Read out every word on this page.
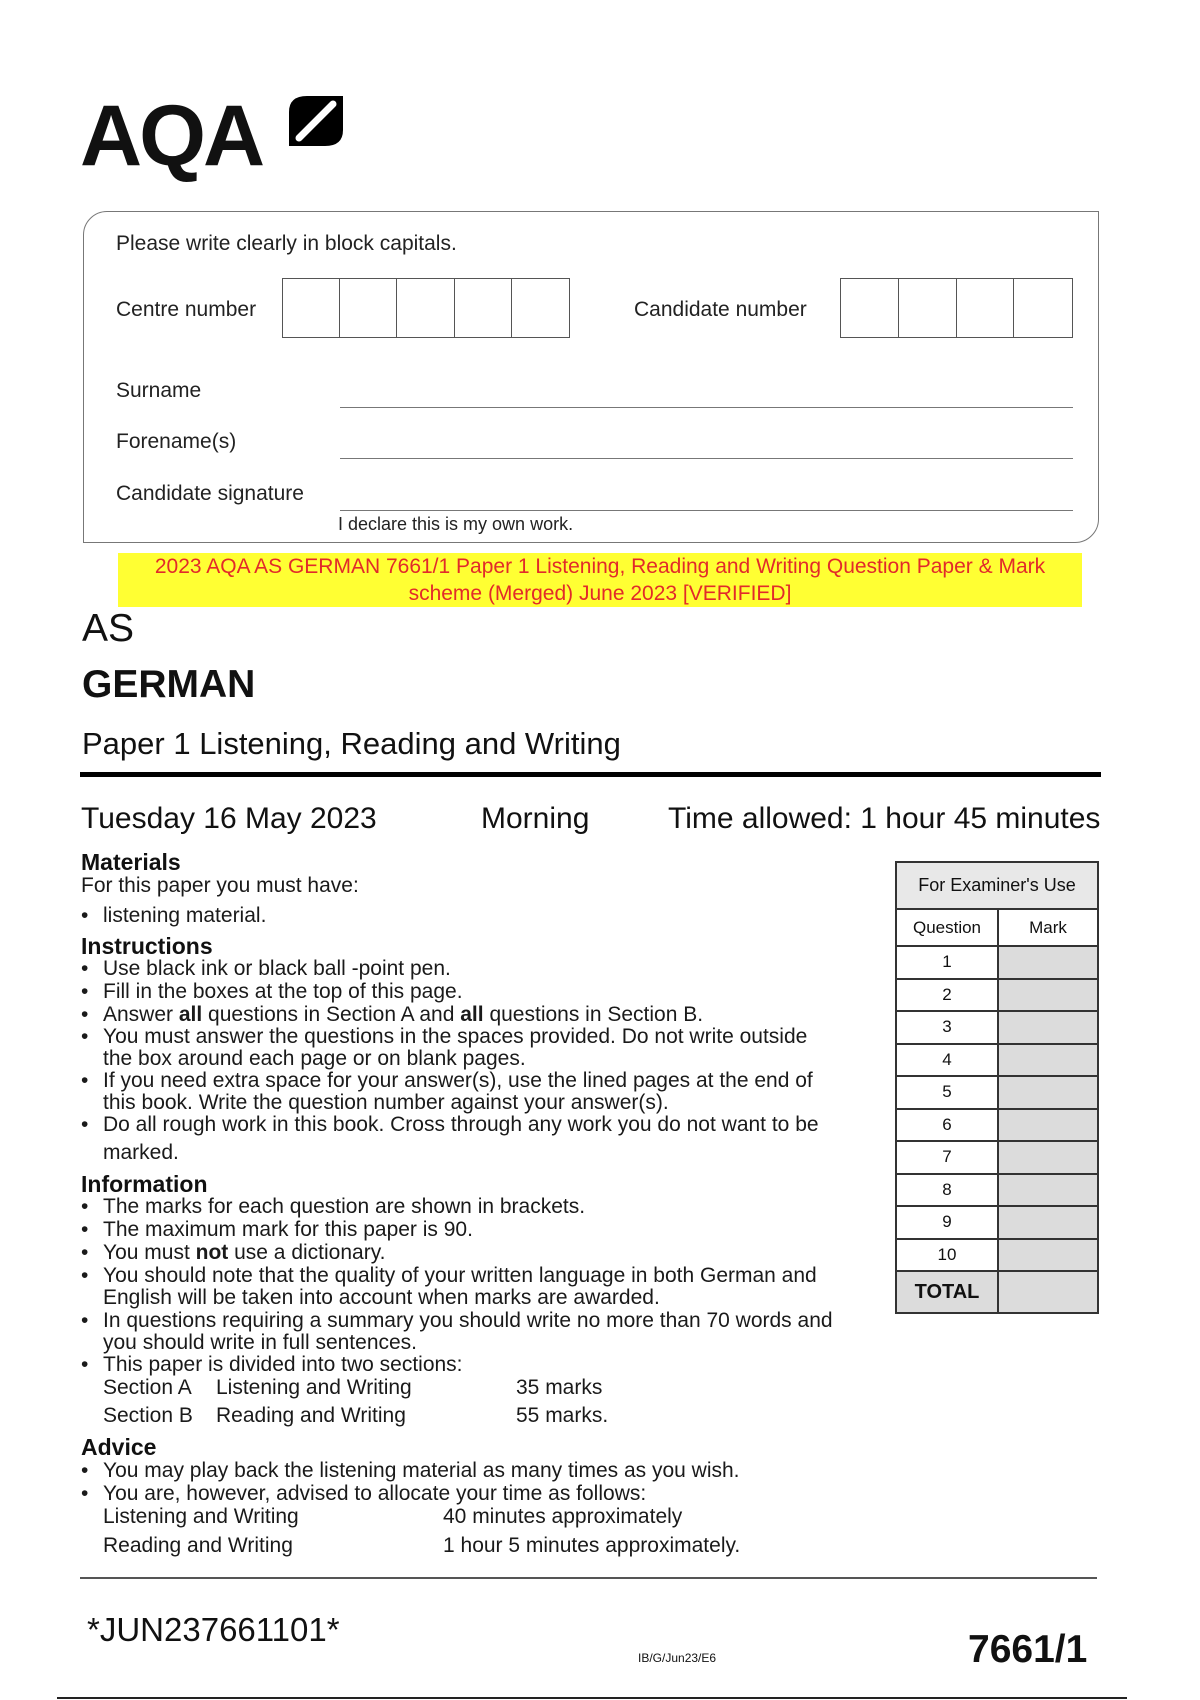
AQA
Please write clearly in block capitals.
Centre number	Candidate number
Surname
Forename(s)
Candidate signature
I declare this is my own work.
2023 AQA AS GERMAN 7661/1 Paper 1 Listening, Reading and Writing Question Paper & Mark scheme (Merged) June 2023 [VERIFIED]
AS
GERMAN
Paper 1 Listening, Reading and Writing
Tuesday 16 May 2023	Morning	Time allowed: 1 hour 45 minutes
Materials
For this paper you must have:
• listening material.
Instructions
• Use black ink or black ball -point pen.
• Fill in the boxes at the top of this page.
• Answer all questions in Section A and all questions in Section B.
• You must answer the questions in the spaces provided. Do not write outside
the box around each page or on blank pages.
• If you need extra space for your answer(s), use the lined pages at the end of
this book. Write the question number against your answer(s).
• Do all rough work in this book. Cross through any work you do not want to be
marked.
Information
• The marks for each question are shown in brackets.
• The maximum mark for this paper is 90.
• You must not use a dictionary.
• You should note that the quality of your written language in both German and
English will be taken into account when marks are awarded.
• In questions requiring a summary you should write no more than 70 words and
you should write in full sentences.
• This paper is divided into two sections:
Section A Listening and Writing	35 marks
Section B Reading and Writing	55 marks.
Advice
• You may play back the listening material as many times as you wish.
• You are, however, advised to allocate your time as follows:
Listening and Writing	40 minutes approximately
Reading and Writing	1 hour 5 minutes approximately.
For Examiner's Use	
Question	Mark
1	
2	
3	
4	
5	
6	
7	
8	
9	
10	
TOTAL	
*JUN237661101*
IB/G/Jun23/E6	7661/1
